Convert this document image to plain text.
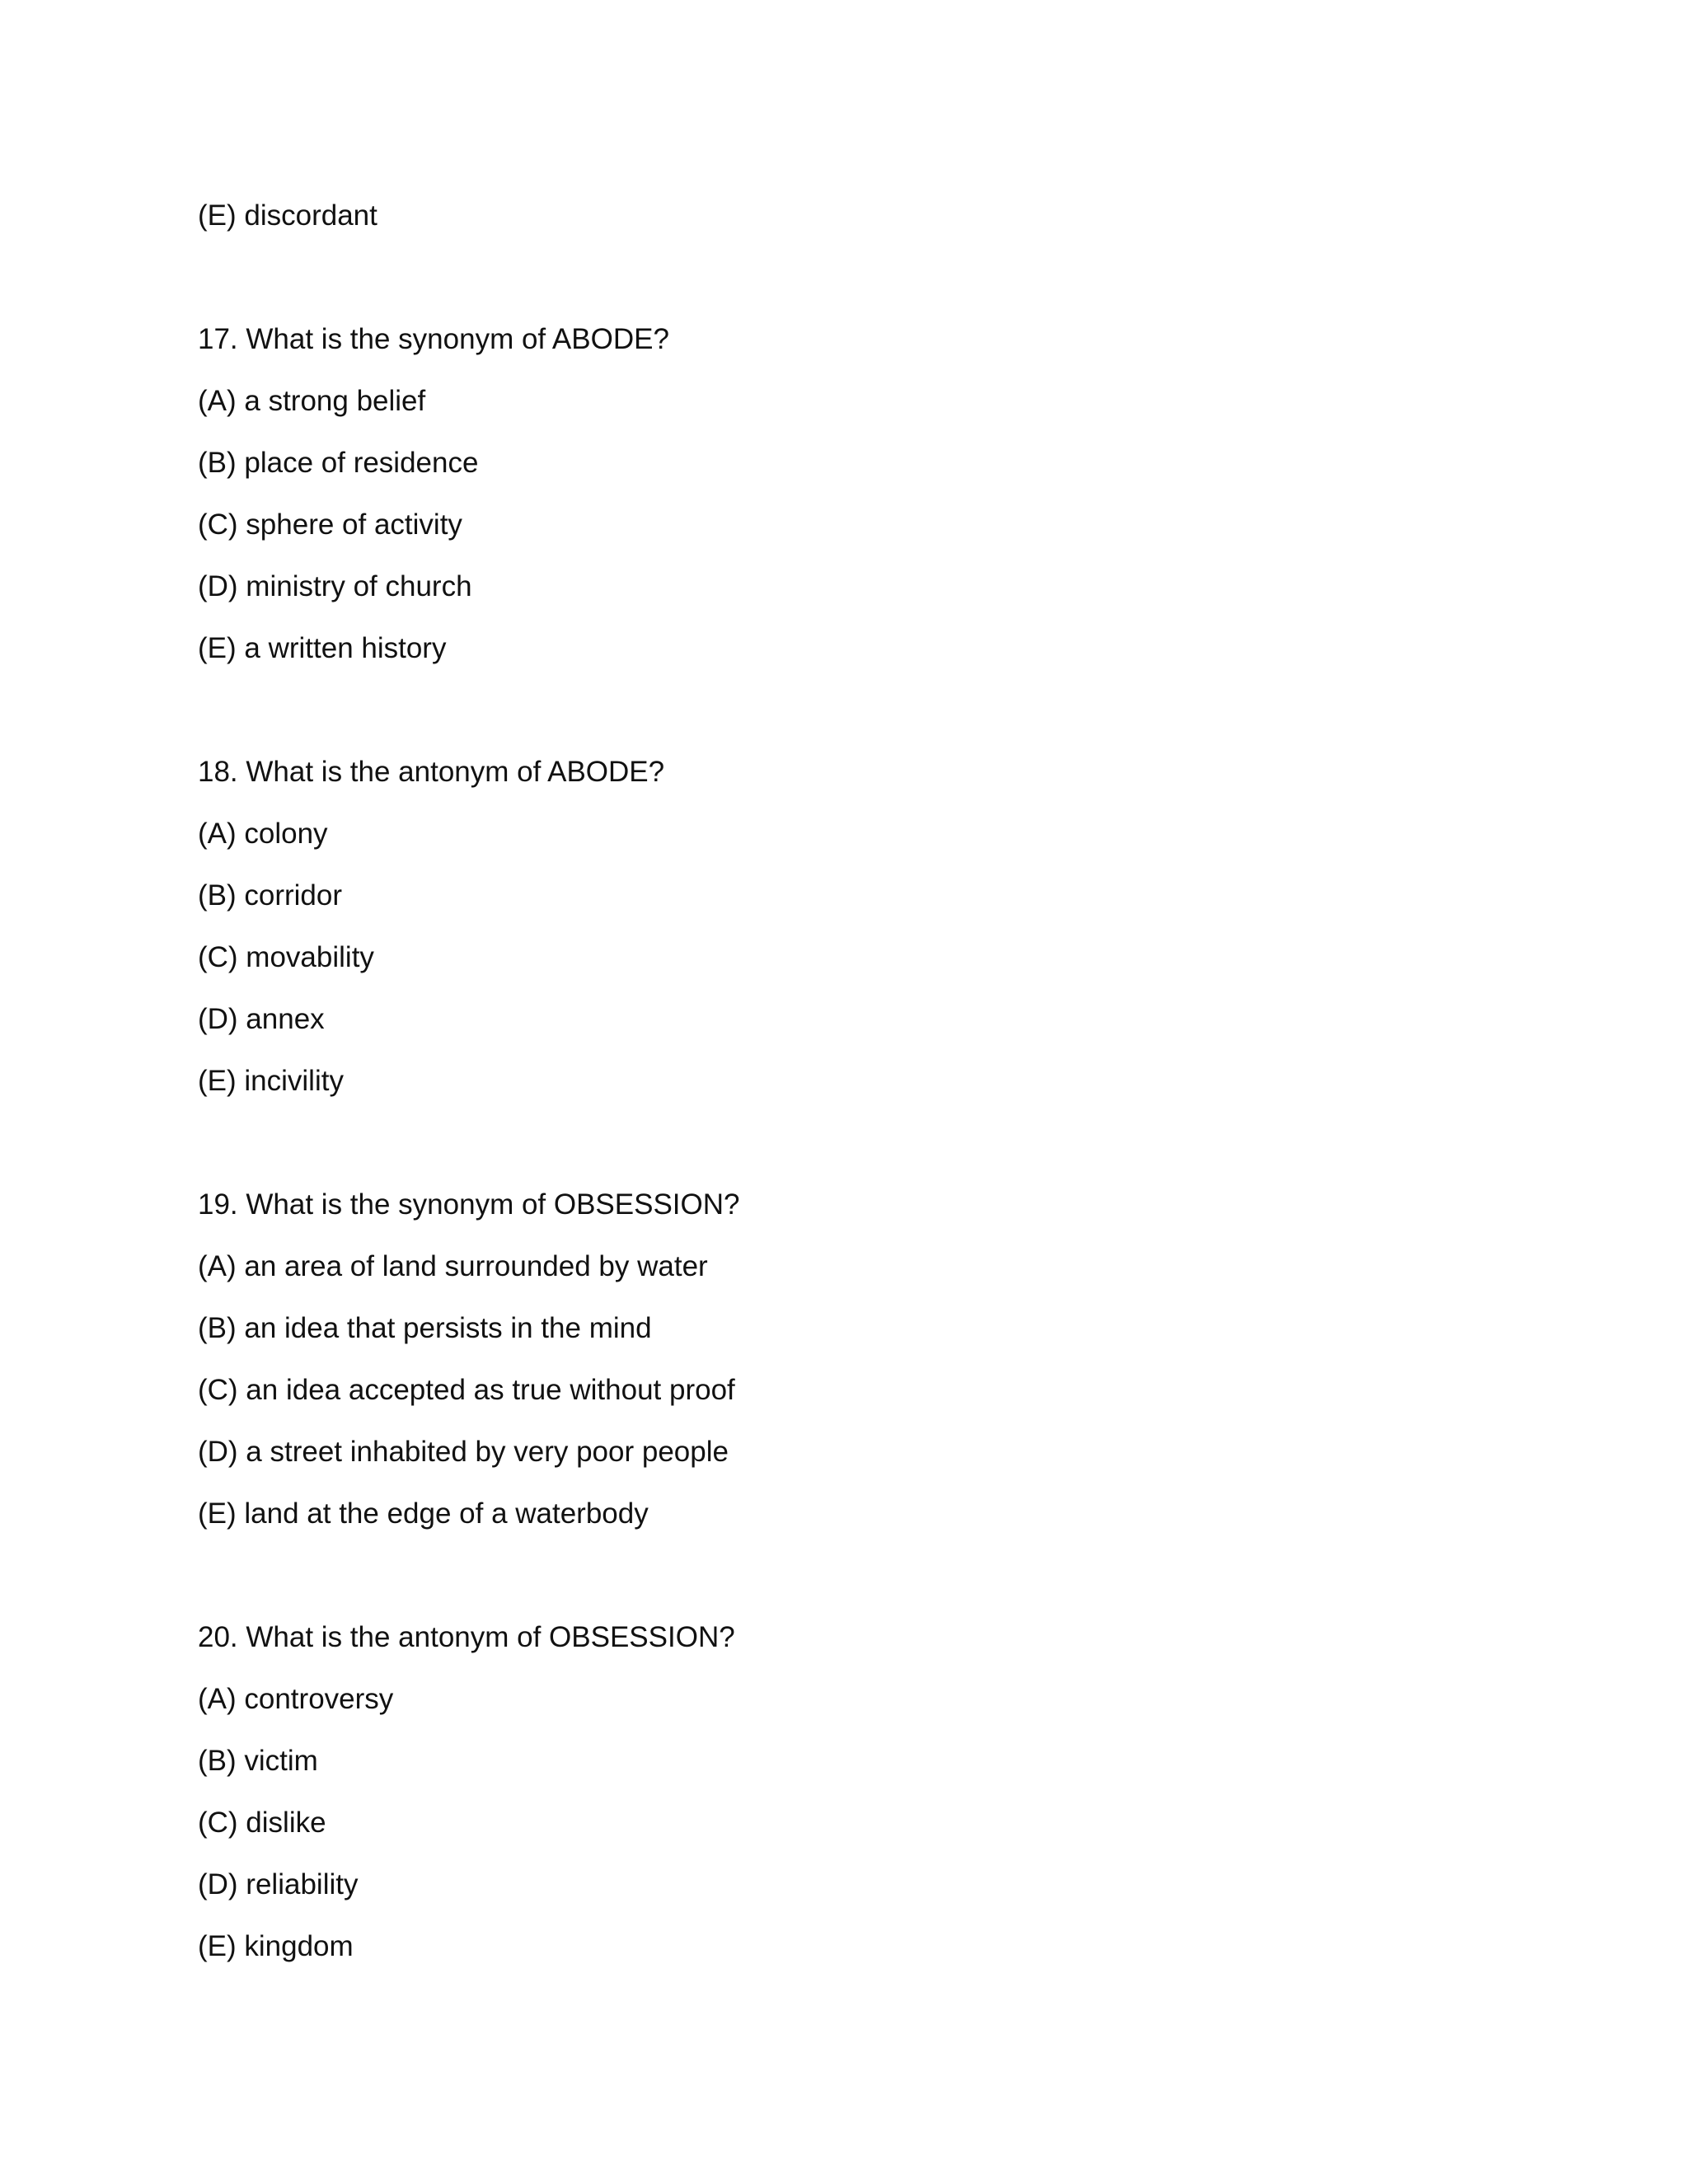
(E) discordant
17. What is the synonym of ABODE?
(A) a strong belief
(B) place of residence
(C) sphere of activity
(D) ministry of church
(E) a written history
18. What is the antonym of ABODE?
(A) colony
(B) corridor
(C) movability
(D) annex
(E) incivility
19. What is the synonym of OBSESSION?
(A) an area of land surrounded by water
(B) an idea that persists in the mind
(C) an idea accepted as true without proof
(D) a street inhabited by very poor people
(E) land at the edge of a waterbody
20. What is the antonym of OBSESSION?
(A) controversy
(B) victim
(C) dislike
(D) reliability
(E) kingdom
